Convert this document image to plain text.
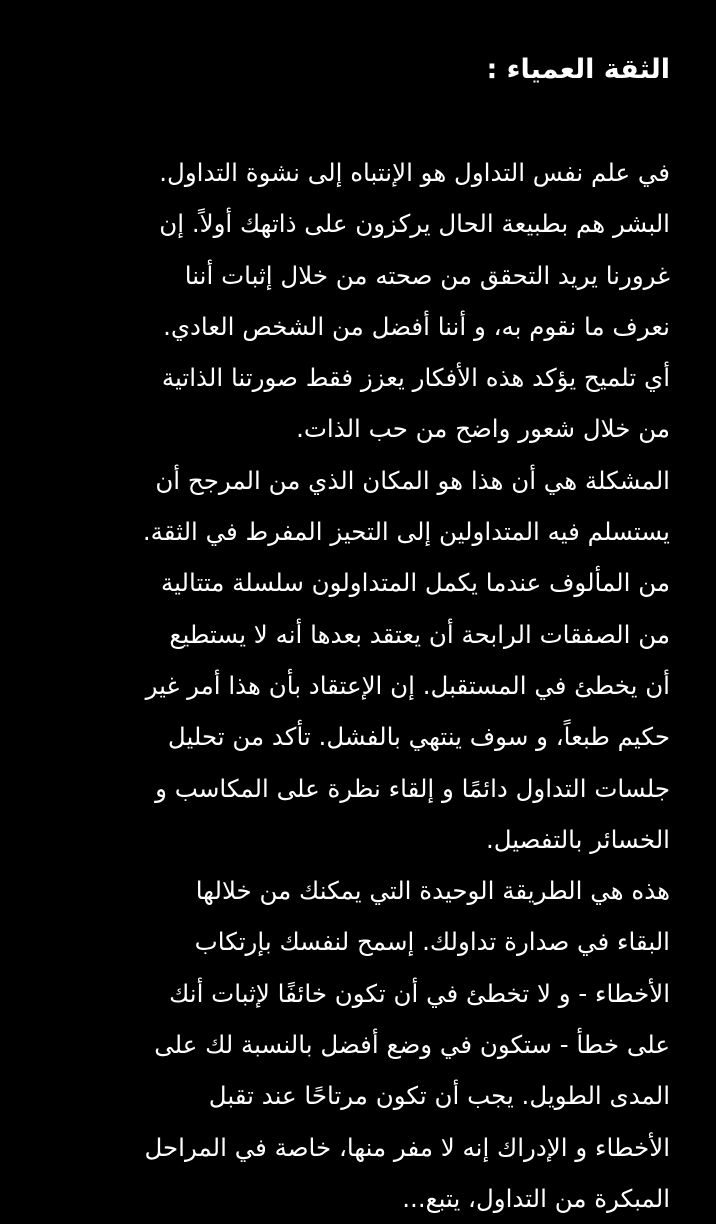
الثقة العمياء :
في علم نفس التداول هو الإنتباه إلى نشوة التداول.
البشر هم بطبيعة الحال يركزون على ذاتهك أولاً. إن
غرورنا يريد التحقق من صحته من خلال إثبات أننا
نعرف ما نقوم به، و أننا أفضل من الشخص العادي.
أي تلميح يؤكد هذه الأفكار يعزز فقط صورتنا الذاتية
من خلال شعور واضح من حب الذات.
المشكلة هي أن هذا هو المكان الذي من المرجح أن
يستسلم فيه المتداولين إلى التحيز المفرط في الثقة.
من المألوف عندما يكمل المتداولون سلسلة متتالية
من الصفقات الرابحة أن يعتقد بعدها أنه لا يستطيع
أن يخطئ في المستقبل. إن الإعتقاد بأن هذا أمر غير
حكيم طبعاً، و سوف ينتهي بالفشل. تأكد من تحليل
جلسات التداول دائمًا و إلقاء نظرة على المكاسب و
الخسائر بالتفصيل.
هذه هي الطريقة الوحيدة التي يمكنك من خلالها
البقاء في صدارة تداولك. إسمح لنفسك بإرتكاب
الأخطاء - و لا تخطئ في أن تكون خائفًا لإثبات أنك
على خطأ - ستكون في وضع أفضل بالنسبة لك على
المدى الطويل. يجب أن تكون مرتاحًا عند تقبل
الأخطاء و الإدراك إنه لا مفر منها، خاصة في المراحل
المبكرة من التداول، يتبع...
